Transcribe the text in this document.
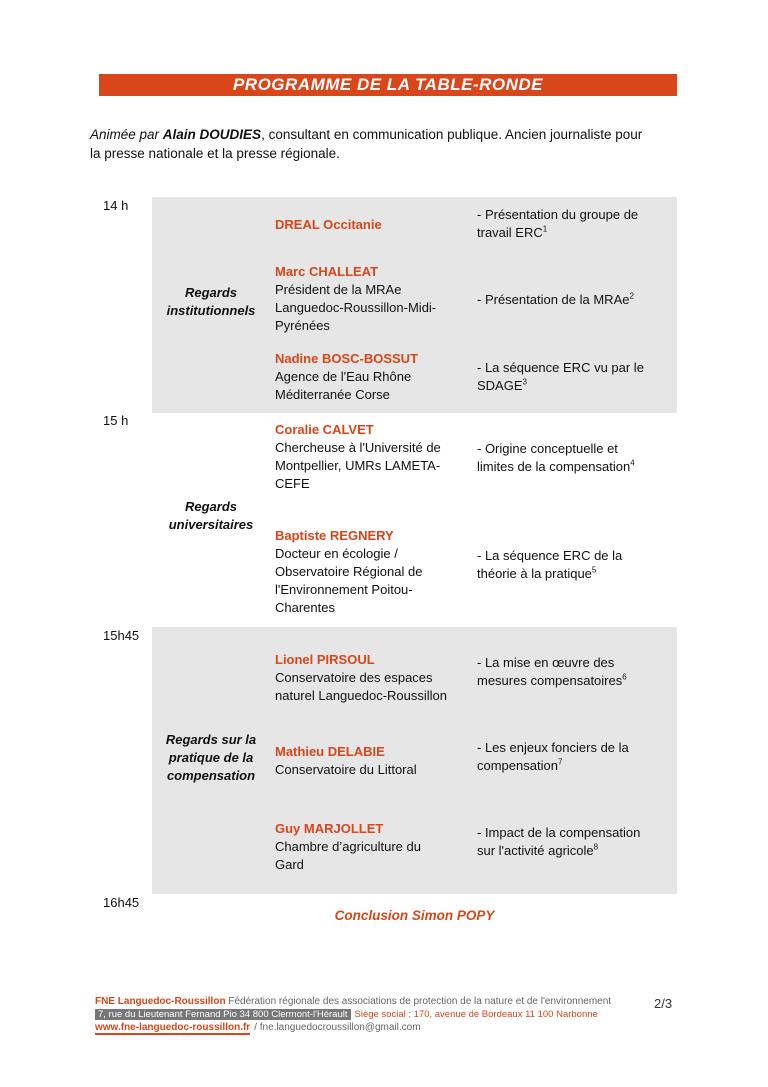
PROGRAMME DE LA TABLE-RONDE
Animée par Alain DOUDIES, consultant en communication publique. Ancien journaliste pour
la presse nationale et la presse régionale.
14 h
15 h
15h45
16h45
Regards
institutionnels
DREAL Occitanie
- Présentation du groupe de
travail ERC$^1$
Marc CHALLEAT
Président de la MRAe
Languedoc-Roussillon-Midi-
Pyrénées
- Présentation de la MRAe$^2$
Nadine BOSC-BOSSUT
Agence de l'Eau Rhône
Méditerranée Corse
- La séquence ERC vu par le
SDAGE$^3$
Regards
universitaires
Coralie CALVET
Chercheuse à l'Université de
Montpellier, UMRs LAMETA-
CEFE
- Origine conceptuelle et
limites de la compensation$^4$
Baptiste REGNERY
Docteur en écologie /
Observatoire Régional de
l'Environnement Poitou-
Charentes
- La séquence ERC de la
théorie à la pratique$^5$
Regards sur la
pratique de la
compensation
Lionel PIRSOUL
Conservatoire des espaces
naturel Languedoc-Roussillon
- La mise en œuvre des
mesures compensatoires$^6$
Mathieu DELABIE
Conservatoire du Littoral
- Les enjeux fonciers de la
compensation$^7$
Guy MARJOLLET
Chambre d’agriculture du
Gard
- Impact de la compensation
sur l'activité agricole$^8$
Conclusion Simon POPY
FNE Languedoc-Roussillon Fédération régionale des associations de protection de la nature et de l'environnement
7, rue du Lieutenant Fernand Pio 34 800 Clermont-l'Hérault Siège social : 170, avenue de Bordeaux 11 100 Narbonne
www.fne-languedoc-roussillon.fr / fne.languedocroussillon@gmail.com
2/3
